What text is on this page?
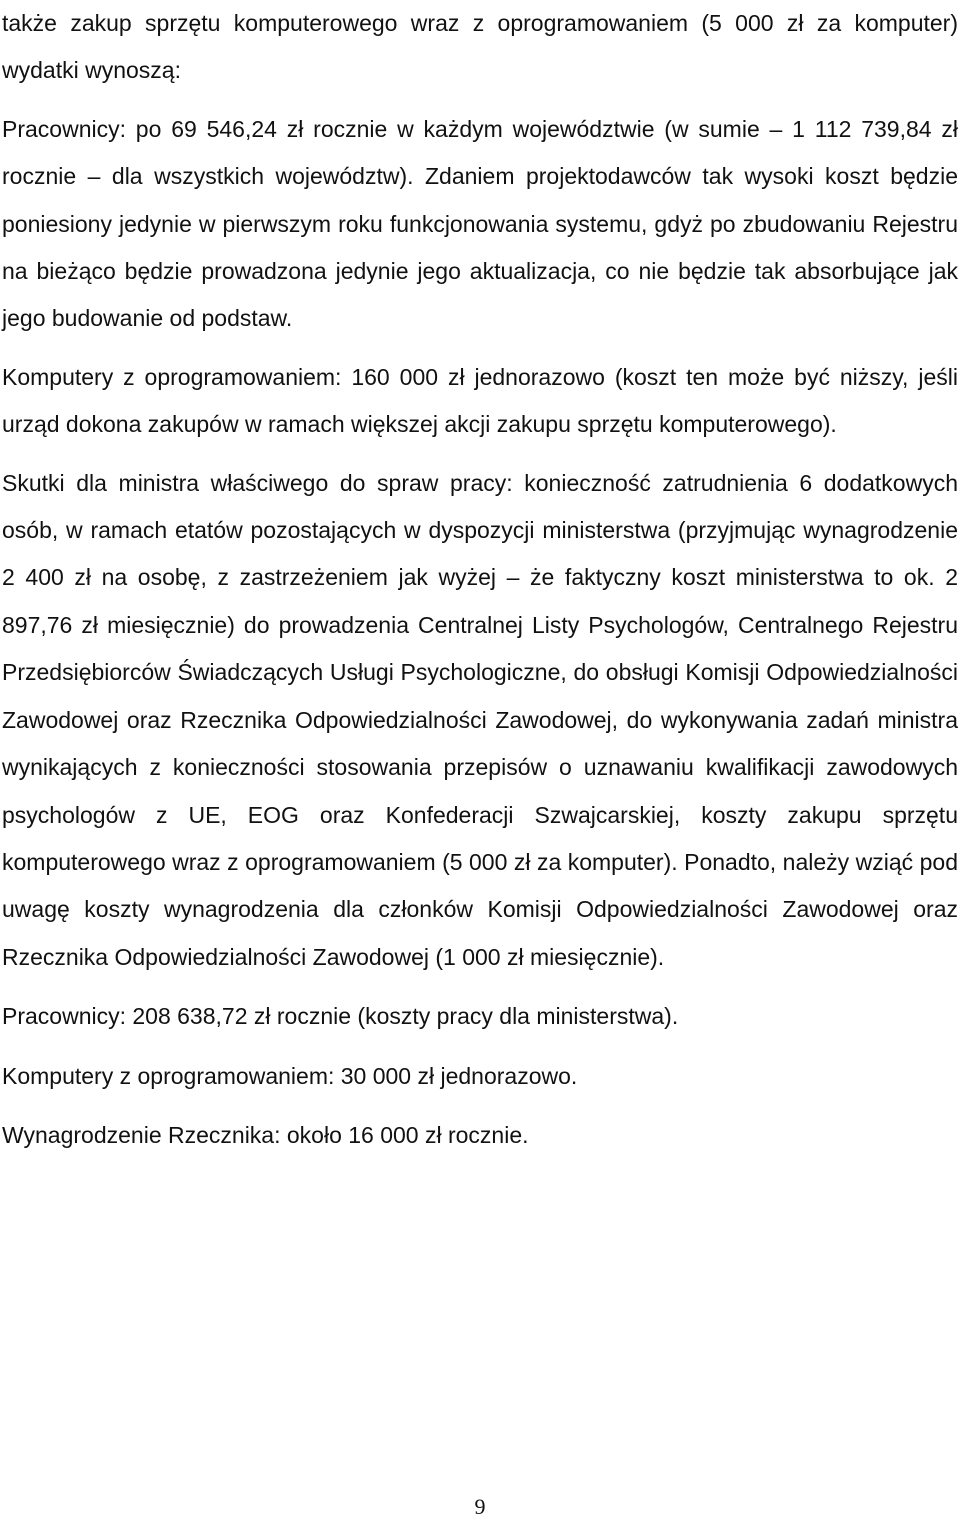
także zakup sprzętu komputerowego wraz z oprogramowaniem (5 000 zł za komputer) wydatki wynoszą:

Pracownicy: po 69 546,24 zł rocznie w każdym województwie (w sumie – 1 112 739,84 zł rocznie – dla wszystkich województw). Zdaniem projektodawców tak wysoki koszt będzie poniesiony jedynie w pierwszym roku funkcjonowania systemu, gdyż po zbudowaniu Rejestru na bieżąco będzie prowadzona jedynie jego aktualizacja, co nie będzie tak absorbujące jak jego budowanie od podstaw.

Komputery z oprogramowaniem: 160 000 zł jednorazowo (koszt ten może być niższy, jeśli urząd dokona zakupów w ramach większej akcji zakupu sprzętu komputerowego).

Skutki dla ministra właściwego do spraw pracy: konieczność zatrudnienia 6 dodatkowych osób, w ramach etatów pozostających w dyspozycji ministerstwa (przyjmując wynagrodzenie 2 400 zł na osobę, z zastrzeżeniem jak wyżej – że faktyczny koszt ministerstwa to ok. 2 897,76 zł miesięcznie) do prowadzenia Centralnej Listy Psychologów, Centralnego Rejestru Przedsiębiorców Świadczących Usługi Psychologiczne, do obsługi Komisji Odpowiedzialności Zawodowej oraz Rzecznika Odpowiedzialności Zawodowej, do wykonywania zadań ministra wynikających z konieczności stosowania przepisów o uznawaniu kwalifikacji zawodowych psychologów z UE, EOG oraz Konfederacji Szwajcarskiej, koszty zakupu sprzętu komputerowego wraz z oprogramowaniem (5 000 zł za komputer). Ponadto, należy wziąć pod uwagę koszty wynagrodzenia dla członków Komisji Odpowiedzialności Zawodowej oraz Rzecznika Odpowiedzialności Zawodowej (1 000 zł miesięcznie).

Pracownicy: 208 638,72 zł rocznie (koszty pracy dla ministerstwa).

Komputery z oprogramowaniem: 30 000 zł jednorazowo.

Wynagrodzenie Rzecznika: około 16 000 zł rocznie.

9
